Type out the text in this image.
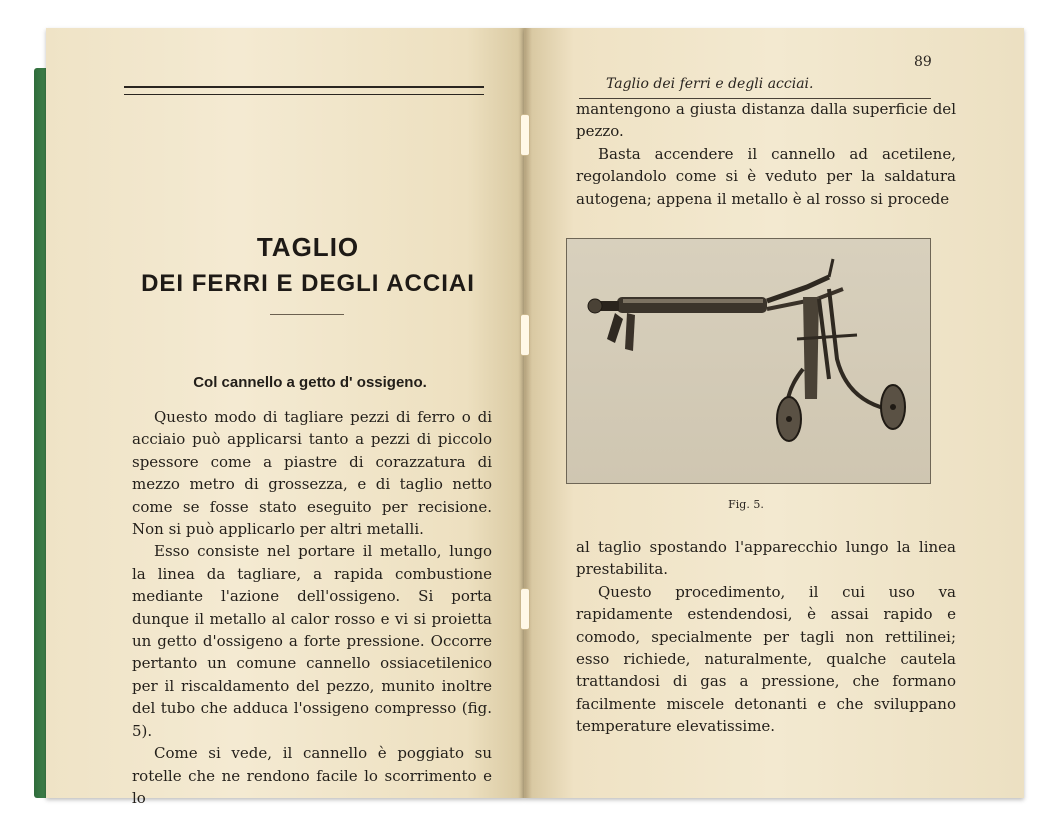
TAGLIO
DEI FERRI E DEGLI ACCIAI
Col cannello a getto d' ossigeno.

Questo modo di tagliare pezzi di ferro o di acciaio può applicarsi tanto a pezzi di piccolo spessore come a piastre di corazzatura di mezzo metro di grossezza, e di taglio netto come se fosse stato eseguito per recisione. Non si può applicarlo per altri metalli.

Esso consiste nel portare il metallo, lungo la linea da tagliare, a rapida combustione mediante l'azione dell'ossigeno. Si porta dunque il metallo al calor rosso e vi si proietta un getto d'ossigeno a forte pressione. Occorre pertanto un comune cannello ossiacetilenico per il riscaldamento del pezzo, munito inoltre del tubo che adduca l'ossigeno compresso (fig. 5).

Come si vede, il cannello è poggiato su rotelle che ne rendono facile lo scorrimento e lo

Taglio dei ferri e degli acciai.
89

mantengono a giusta distanza dalla superficie del pezzo.

Basta accendere il cannello ad acetilene, regolandolo come si è veduto per la saldatura autogena; appena il metallo è al rosso si procede

Fig. 5.

al taglio spostando l'apparecchio lungo la linea prestabilita.

Questo procedimento, il cui uso va rapidamente estendendosi, è assai rapido e comodo, specialmente per tagli non rettilinei; esso richiede, naturalmente, qualche cautela trattandosi di gas a pressione, che formano facilmente miscele detonanti e che sviluppano temperature elevatissime.
